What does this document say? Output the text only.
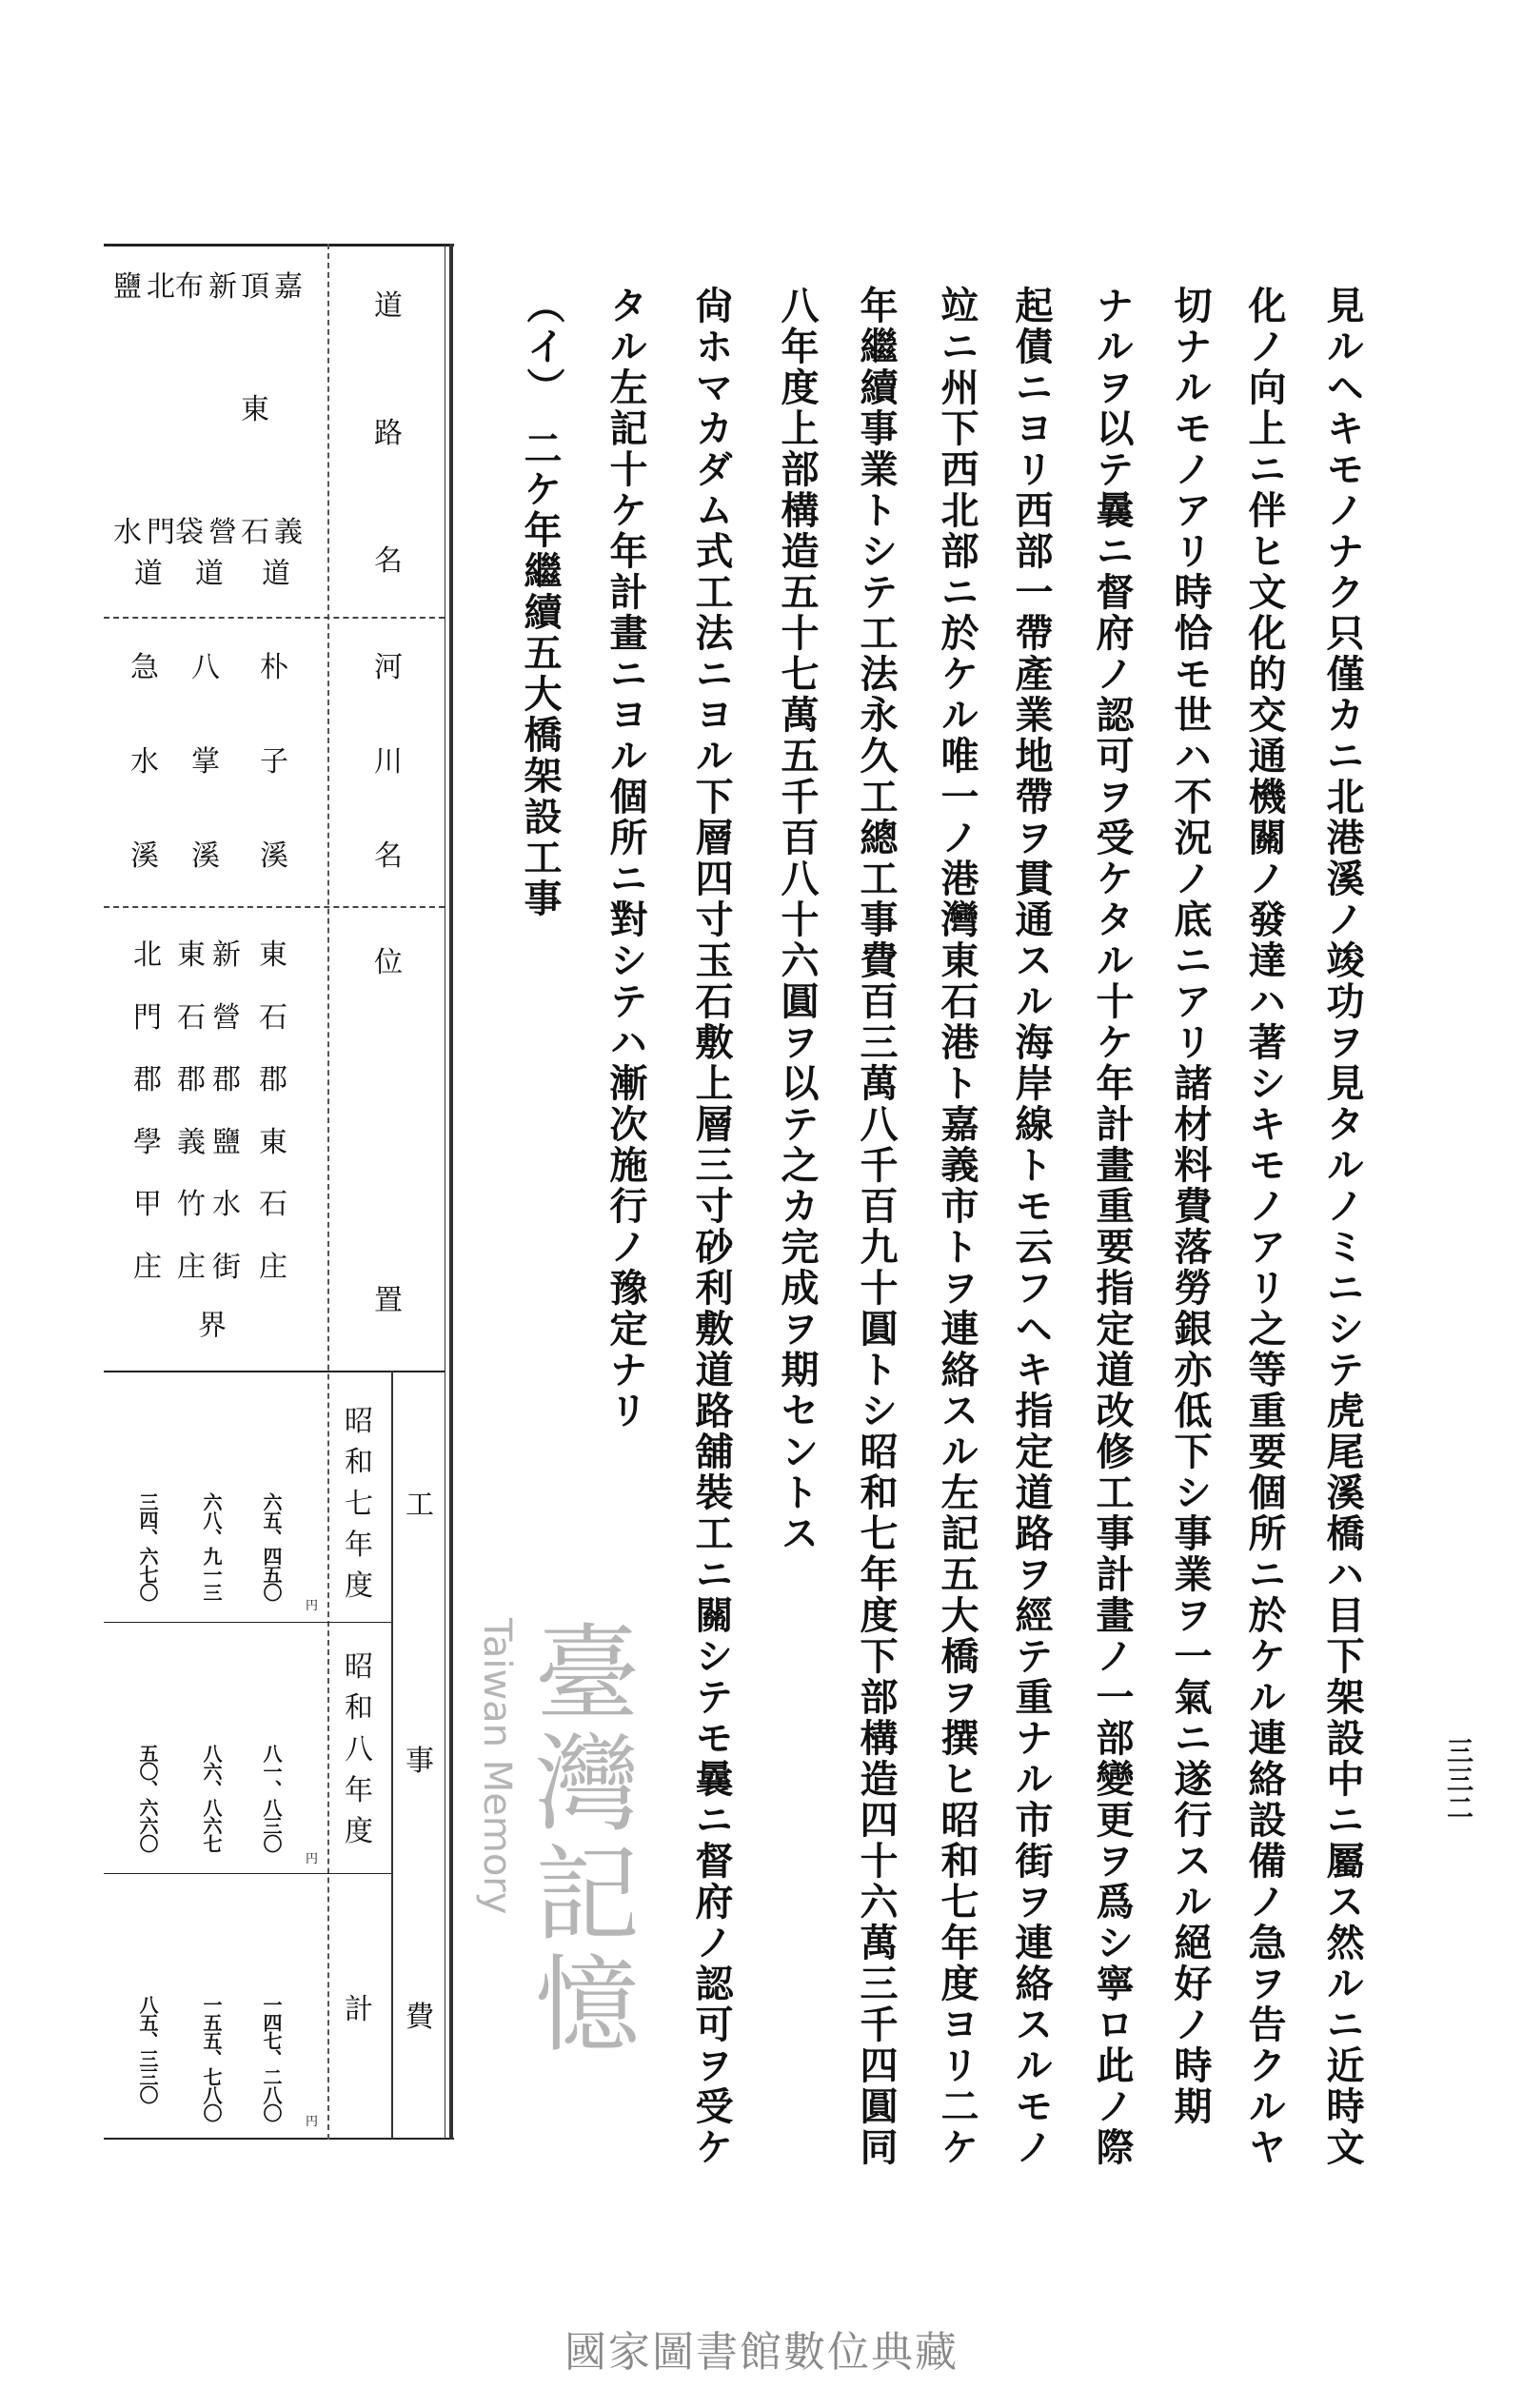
見ルヘキモノナク只僅カニ北港溪ノ竣功ヲ見タルノミニシテ虎尾溪橋ハ目下架設中ニ屬ス然ルニ近時文
化ノ向上ニ伴ヒ文化的交通機關ノ發達ハ著シキモノアリ之等重要個所ニ於ケル連絡設備ノ急ヲ告クルヤ
切ナルモノアリ時恰モ世ハ不況ノ底ニアリ諸材料費落勞銀亦低下シ事業ヲ一氣ニ遂行スル絕好ノ時期
ナルヲ以テ曩ニ督府ノ認可ヲ受ケタル十ケ年計畫重要指定道改修工事計畫ノ一部變更ヲ爲シ寧ロ此ノ際
起債ニヨリ西部一帶產業地帶ヲ貫通スル海岸線トモ云フヘキ指定道路ヲ經テ重ナル市街ヲ連絡スルモノ
竝ニ州下西北部ニ於ケル唯一ノ港灣東石港ト嘉義市トヲ連絡スル左記五大橋ヲ撰ヒ昭和七年度ヨリ二ケ
年繼續事業トシテ工法永久工總工事費百三萬八千百九十圓トシ昭和七年度下部構造四十六萬三千四圓同
八年度上部構造五十七萬五千百八十六圓ヲ以テ之カ完成ヲ期セントス
尙ホマカダム式工法ニヨル下層四寸玉石敷上層三寸砂利敷道路舖裝工ニ關シテモ曩ニ督府ノ認可ヲ受ケ
タル左記十ケ年計畫ニヨル個所ニ對シテハ漸次施行ノ豫定ナリ
（イ）
二ケ年繼續五大橋架設工事
三三二
道
路
名
河
川
名
位
置
工
事
費
昭
和
七
年
度
昭
和
八
年
度
計
嘉
義
頂
東
石
道
新
營
布
袋
道
北
門
鹽
水
道
朴
子
溪
八
掌
溪
急
水
溪
東
石
郡
東
石
庄
新
營
郡
鹽
水
街
東
石
郡
義
竹
庄
界
北
門
郡
學
甲
庄
六五、四五〇
六八、九一三
三四、六七〇
円
八一、八三〇
八六、八六七
五〇、六六〇
円
一四七、二八〇
一五五、七八〇
八五、三三〇
円
臺灣記憶
Taiwan Memory
國家圖書館數位典藏
